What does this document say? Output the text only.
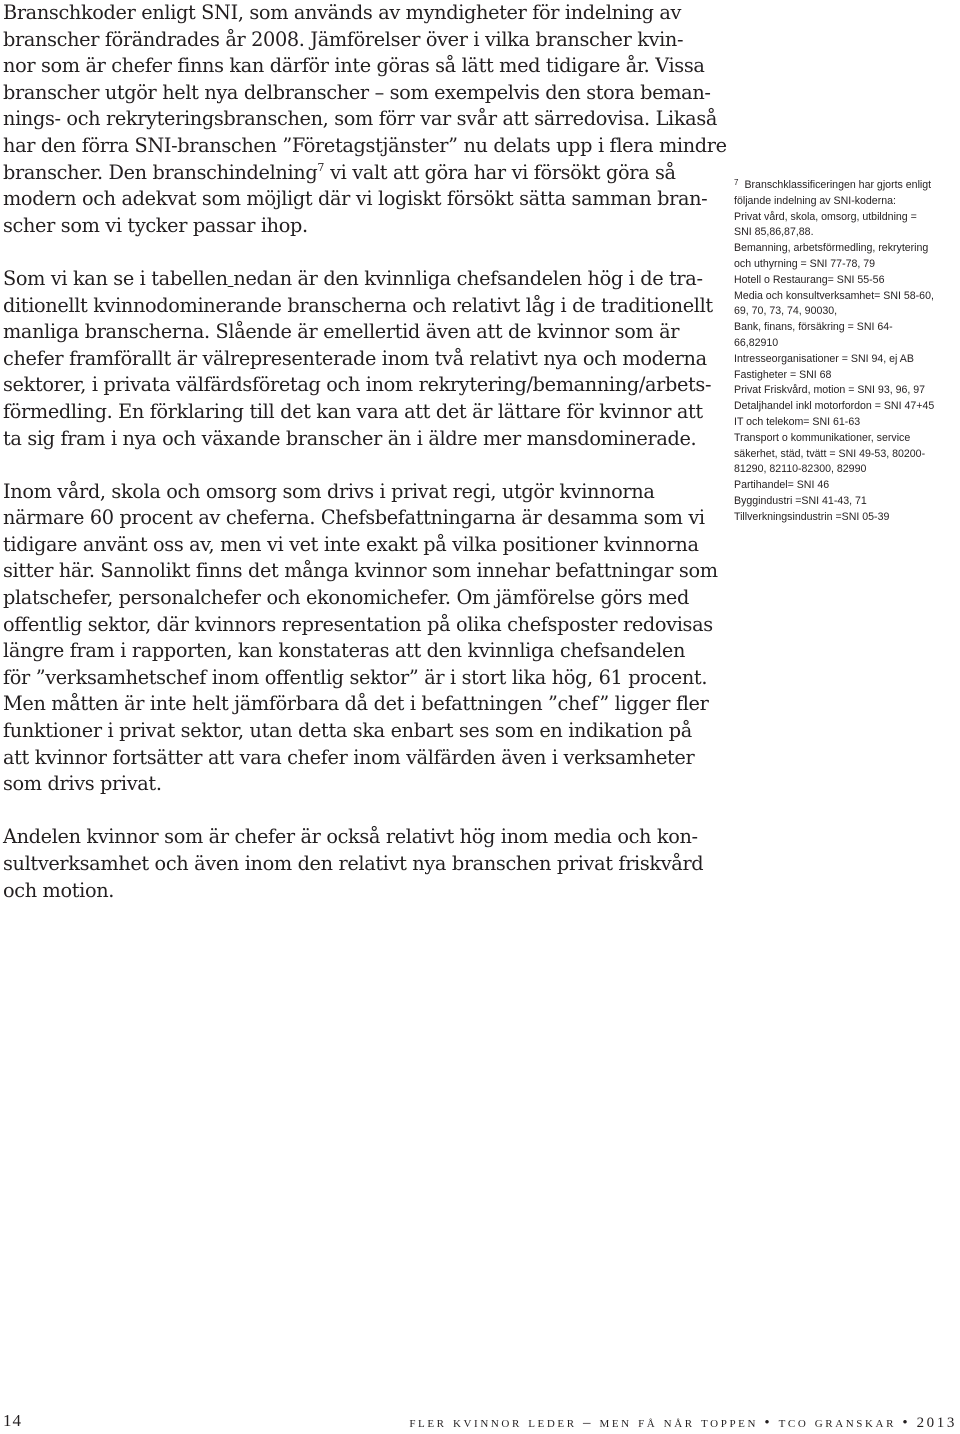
Branschkoder enligt SNI, som används av myndigheter för indelning av
branscher förändrades år 2008. Jämförelser över i vilka branscher kvin-
nor som är chefer finns kan därför inte göras så lätt med tidigare år. Vissa
branscher utgör helt nya delbranscher – som exempelvis den stora beman-
nings- och rekryteringsbranschen, som förr var svår att särredovisa. Likaså
har den förra SNI-branschen ”Företagstjänster” nu delats upp i flera mindre
branscher. Den branschindelning$^7$ vi valt att göra har vi försökt göra så
modern och adekvat som möjligt där vi logiskt försökt sätta samman bran-
scher som vi tycker passar ihop.

Som vi kan se i tabellen nedan är den kvinnliga chefsandelen hög i de tra-
ditionellt kvinnodominerande branscherna och relativt låg i de traditionellt
manliga branscherna. Slående är emellertid även att de kvinnor som är
chefer framförallt är välrepresenterade inom två relativt nya och moderna
sektorer, i privata välfärdsföretag och inom rekrytering/bemanning/arbets-
förmedling. En förklaring till det kan vara att det är lättare för kvinnor att
ta sig fram i nya och växande branscher än i äldre mer mansdominerade.

Inom vård, skola och omsorg som drivs i privat regi, utgör kvinnorna
närmare 60 procent av cheferna. Chefsbefattningarna är desamma som vi
tidigare använt oss av, men vi vet inte exakt på vilka positioner kvinnorna
sitter här. Sannolikt finns det många kvinnor som innehar befattningar som
platschefer, personalchefer och ekonomichefer. Om jämförelse görs med
offentlig sektor, där kvinnors representation på olika chefsposter redovisas
längre fram i rapporten, kan konstateras att den kvinnliga chefsandelen
för ”verksamhetschef inom offentlig sektor” är i stort lika hög, 61 procent.
Men måtten är inte helt jämförbara då det i befattningen ”chef” ligger fler
funktioner i privat sektor, utan detta ska enbart ses som en indikation på
att kvinnor fortsätter att vara chefer inom välfärden även i verksamheter
som drivs privat.

Andelen kvinnor som är chefer är också relativt hög inom media och kon-
sultverksamhet och även inom den relativt nya branschen privat friskvård
och motion.

$^7$ Branschklassificeringen har gjorts enligt
följande indelning av SNI-koderna:
Privat vård, skola, omsorg, utbildning =
SNI 85,86,87,88.
Bemanning, arbetsförmedling, rekrytering
och uthyrning = SNI 77-78, 79
Hotell o Restaurang= SNI 55-56
Media och konsultverksamhet= SNI 58-60,
69, 70, 73, 74, 90030,
Bank, finans, försäkring = SNI 64-
66,82910
Intresseorganisationer = SNI 94, ej AB
Fastigheter = SNI 68
Privat Friskvård, motion = SNI 93, 96, 97
Detaljhandel inkl motorfordon = SNI 47+45
IT och telekom= SNI 61-63
Transport o kommunikationer, service
säkerhet, städ, tvätt = SNI 49-53, 80200-
81290, 82110-82300, 82990
Partihandel= SNI 46
Byggindustri =SNI 41-43, 71
Tillverkningsindustrin =SNI 05-39
14	fler kvinnor leder – men få når toppen • tco granskar • 2013
